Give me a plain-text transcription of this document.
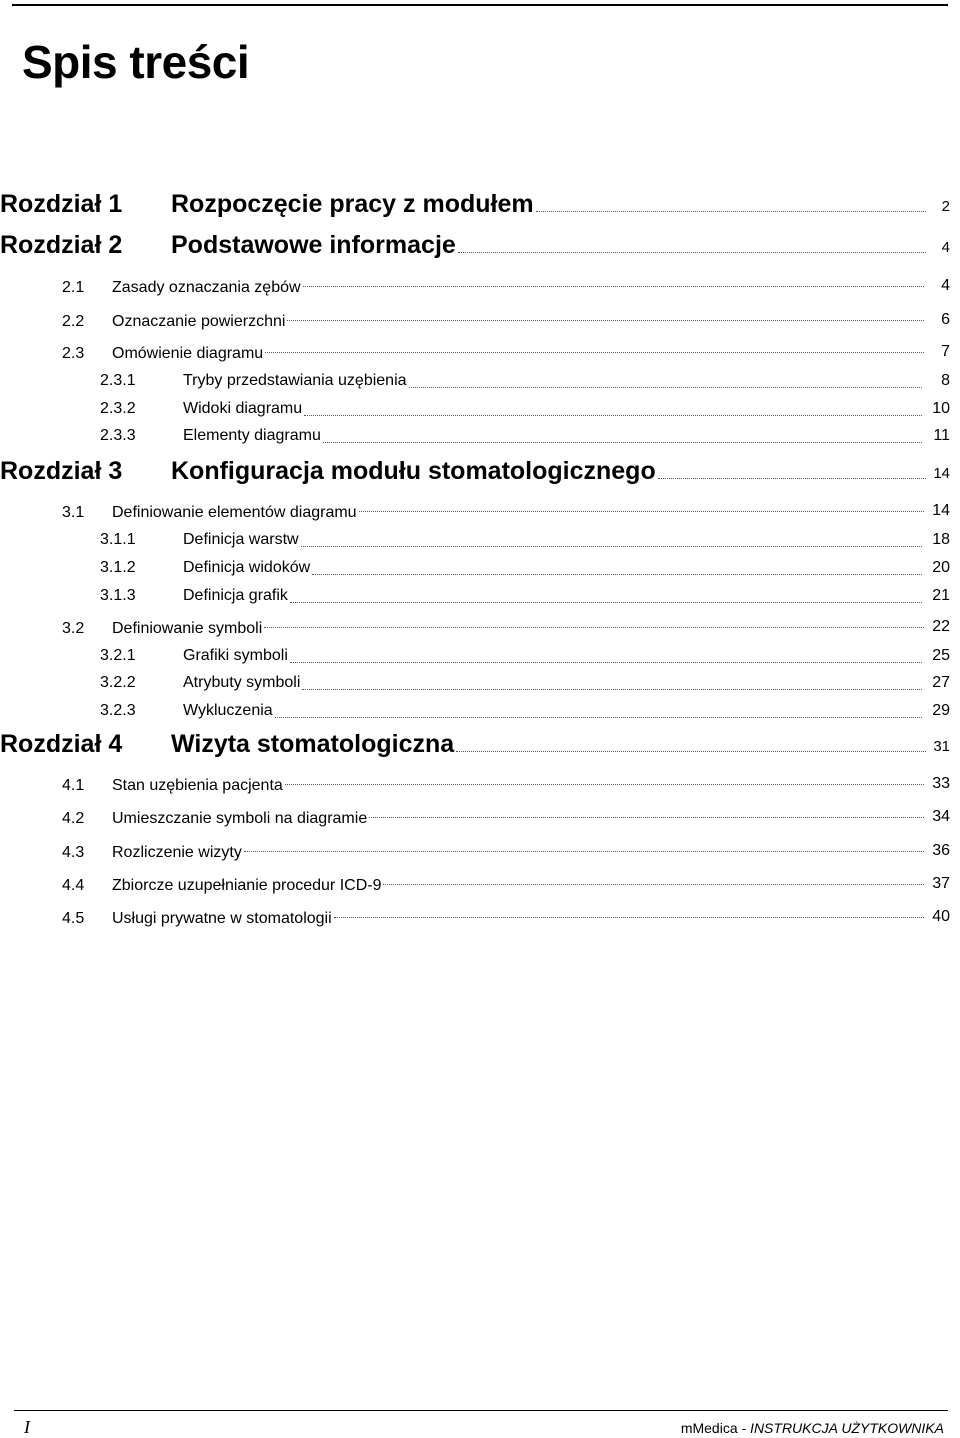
Spis treści
Rozdział 1 Rozpoczęcie pracy z modułem	2
Rozdział 2 Podstawowe informacje	4
2.1 Zasady oznaczania zębów	4
2.2 Oznaczanie powierzchni	6
2.3 Omówienie diagramu	7
2.3.1	Tryby przedstawiania uzębienia	8
2.3.2	Widoki diagramu	10
2.3.3	Elementy diagramu	11
Rozdział 3 Konfiguracja modułu stomatologicznego	14
3.1 Definiowanie elementów diagramu	14
3.1.1	Definicja warstw	18
3.1.2	Definicja widoków	20
3.1.3	Definicja grafik	21
3.2 Definiowanie symboli	22
3.2.1	Grafiki symboli	25
3.2.2	Atrybuty symboli	27
3.2.3	Wykluczenia	29
Rozdział 4 Wizyta stomatologiczna	31
4.1 Stan uzębienia pacjenta	33
4.2 Umieszczanie symboli na diagramie	34
4.3 Rozliczenie wizyty	36
4.4 Zbiorcze uzupełnianie procedur ICD-9	37
4.5 Usługi prywatne w stomatologii	40
I	mMedica - INSTRUKCJA UŻYTKOWNIKA
